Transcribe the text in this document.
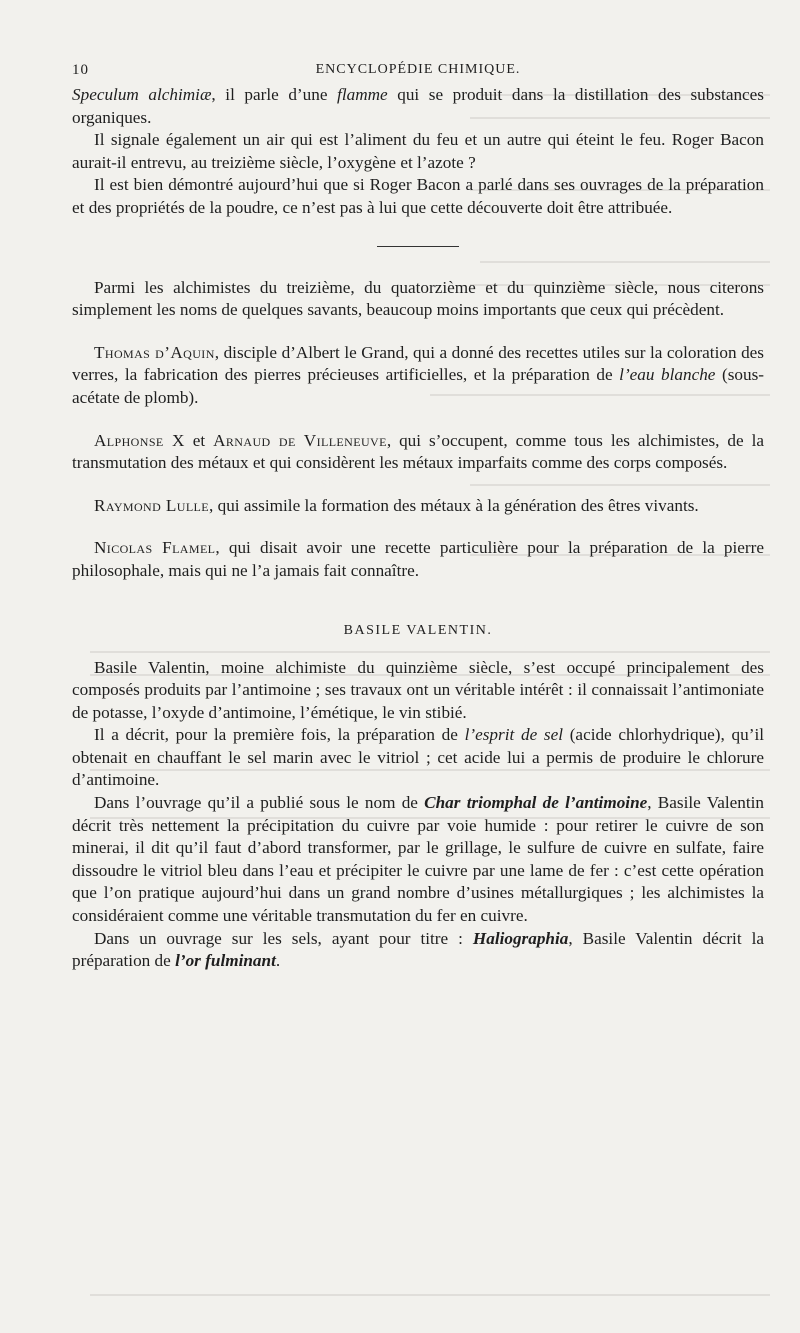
10	ENCYCLOPÉDIE CHIMIQUE.

Speculum alchimiæ, il parle d’une flamme qui se produit dans la distillation des substances organiques.

Il signale également un air qui est l’aliment du feu et un autre qui éteint le feu. Roger Bacon aurait-il entrevu, au treizième siècle, l’oxygène et l’azote ?

Il est bien démontré aujourd’hui que si Roger Bacon a parlé dans ses ouvrages de la préparation et des propriétés de la poudre, ce n’est pas à lui que cette découverte doit être attribuée.

Parmi les alchimistes du treizième, du quatorzième et du quinzième siècle, nous citerons simplement les noms de quelques savants, beaucoup moins importants que ceux qui précèdent.

Thomas d’Aquin, disciple d’Albert le Grand, qui a donné des recettes utiles sur la coloration des verres, la fabrication des pierres précieuses artificielles, et la préparation de l’eau blanche (sous-acétate de plomb).

Alphonse X et Arnaud de Villeneuve, qui s’occupent, comme tous les alchimistes, de la transmutation des métaux et qui considèrent les métaux imparfaits comme des corps composés.

Raymond Lulle, qui assimile la formation des métaux à la génération des êtres vivants.

Nicolas Flamel, qui disait avoir une recette particulière pour la préparation de la pierre philosophale, mais qui ne l’a jamais fait connaître.

BASILE VALENTIN.

Basile Valentin, moine alchimiste du quinzième siècle, s’est occupé principalement des composés produits par l’antimoine ; ses travaux ont un véritable intérêt : il connaissait l’antimoniate de potasse, l’oxyde d’antimoine, l’émétique, le vin stibié.

Il a décrit, pour la première fois, la préparation de l’esprit de sel (acide chlorhydrique), qu’il obtenait en chauffant le sel marin avec le vitriol ; cet acide lui a permis de produire le chlorure d’antimoine.

Dans l’ouvrage qu’il a publié sous le nom de Char triomphal de l’antimoine, Basile Valentin décrit très nettement la précipitation du cuivre par voie humide : pour retirer le cuivre de son minerai, il dit qu’il faut d’abord transformer, par le grillage, le sulfure de cuivre en sulfate, faire dissoudre le vitriol bleu dans l’eau et précipiter le cuivre par une lame de fer : c’est cette opération que l’on pratique aujourd’hui dans un grand nombre d’usines métallurgiques ; les alchimistes la considéraient comme une véritable transmutation du fer en cuivre.

Dans un ouvrage sur les sels, ayant pour titre : Haliographia, Basile Valentin décrit la préparation de l’or fulminant.
